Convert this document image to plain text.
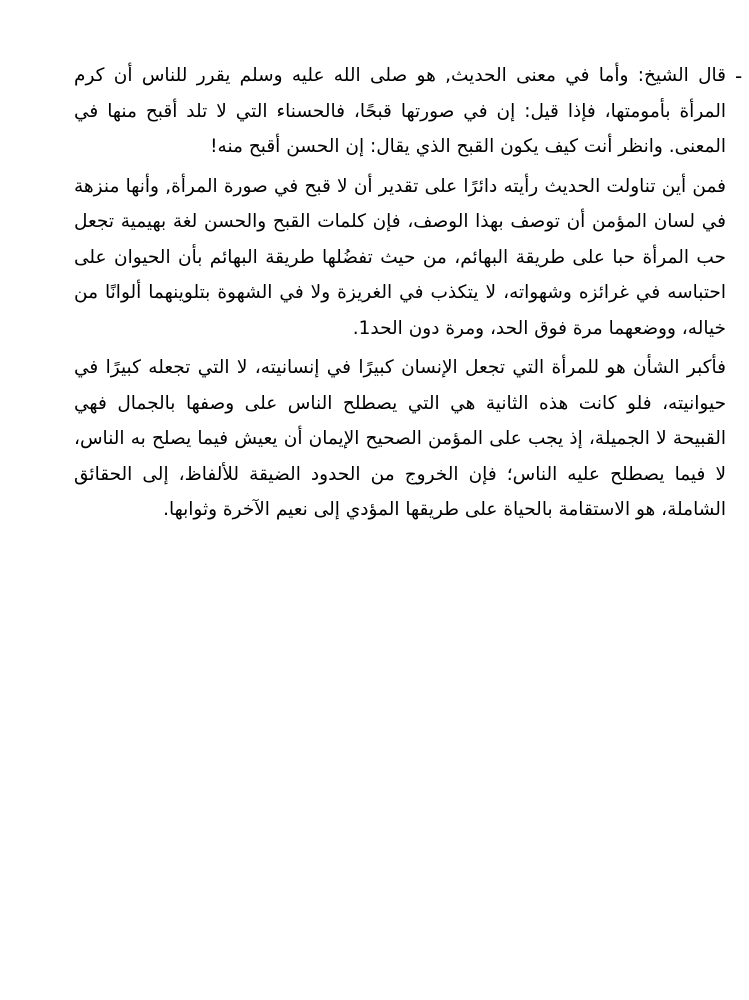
-

قال الشيخ: وأما في معنى الحديث, هو صلى الله عليه وسلم يقرر للناس أن كرم المرأة بأمومتها، فإذا قيل: إن في صورتها قبحًا، فالحسناء التي لا تلد أقبح منها في المعنى. وانظر أنت كيف يكون القبح الذي يقال: إن الحسن أقبح منه!

فمن أين تناولت الحديث رأيته دائرًا على تقدير أن لا قبح في صورة المرأة, وأنها منزهة في لسان المؤمن أن توصف بهذا الوصف، فإن كلمات القبح والحسن لغة بهيمية تجعل حب المرأة حبا على طريقة البهائم، من حيث تفضُلها طريقة البهائم بأن الحيوان على احتباسه في غرائزه وشهواته، لا يتكذب في الغريزة ولا في الشهوة بتلوينهما ألوانًا من خياله، ووضعهما مرة فوق الحد، ومرة دون الحد1.

فأكبر الشأن هو للمرأة التي تجعل الإنسان كبيرًا في إنسانيته، لا التي تجعله كبيرًا في حيوانيته، فلو كانت هذه الثانية هي التي يصطلح الناس على وصفها بالجمال فهي القبيحة لا الجميلة، إذ يجب على المؤمن الصحيح الإيمان أن يعيش فيما يصلح به الناس، لا فيما يصطلح عليه الناس؛ فإن الخروج من الحدود الضيقة للألفاظ، إلى الحقائق الشاملة، هو الاستقامة بالحياة على طريقها المؤدي إلى نعيم الآخرة وثوابها.
